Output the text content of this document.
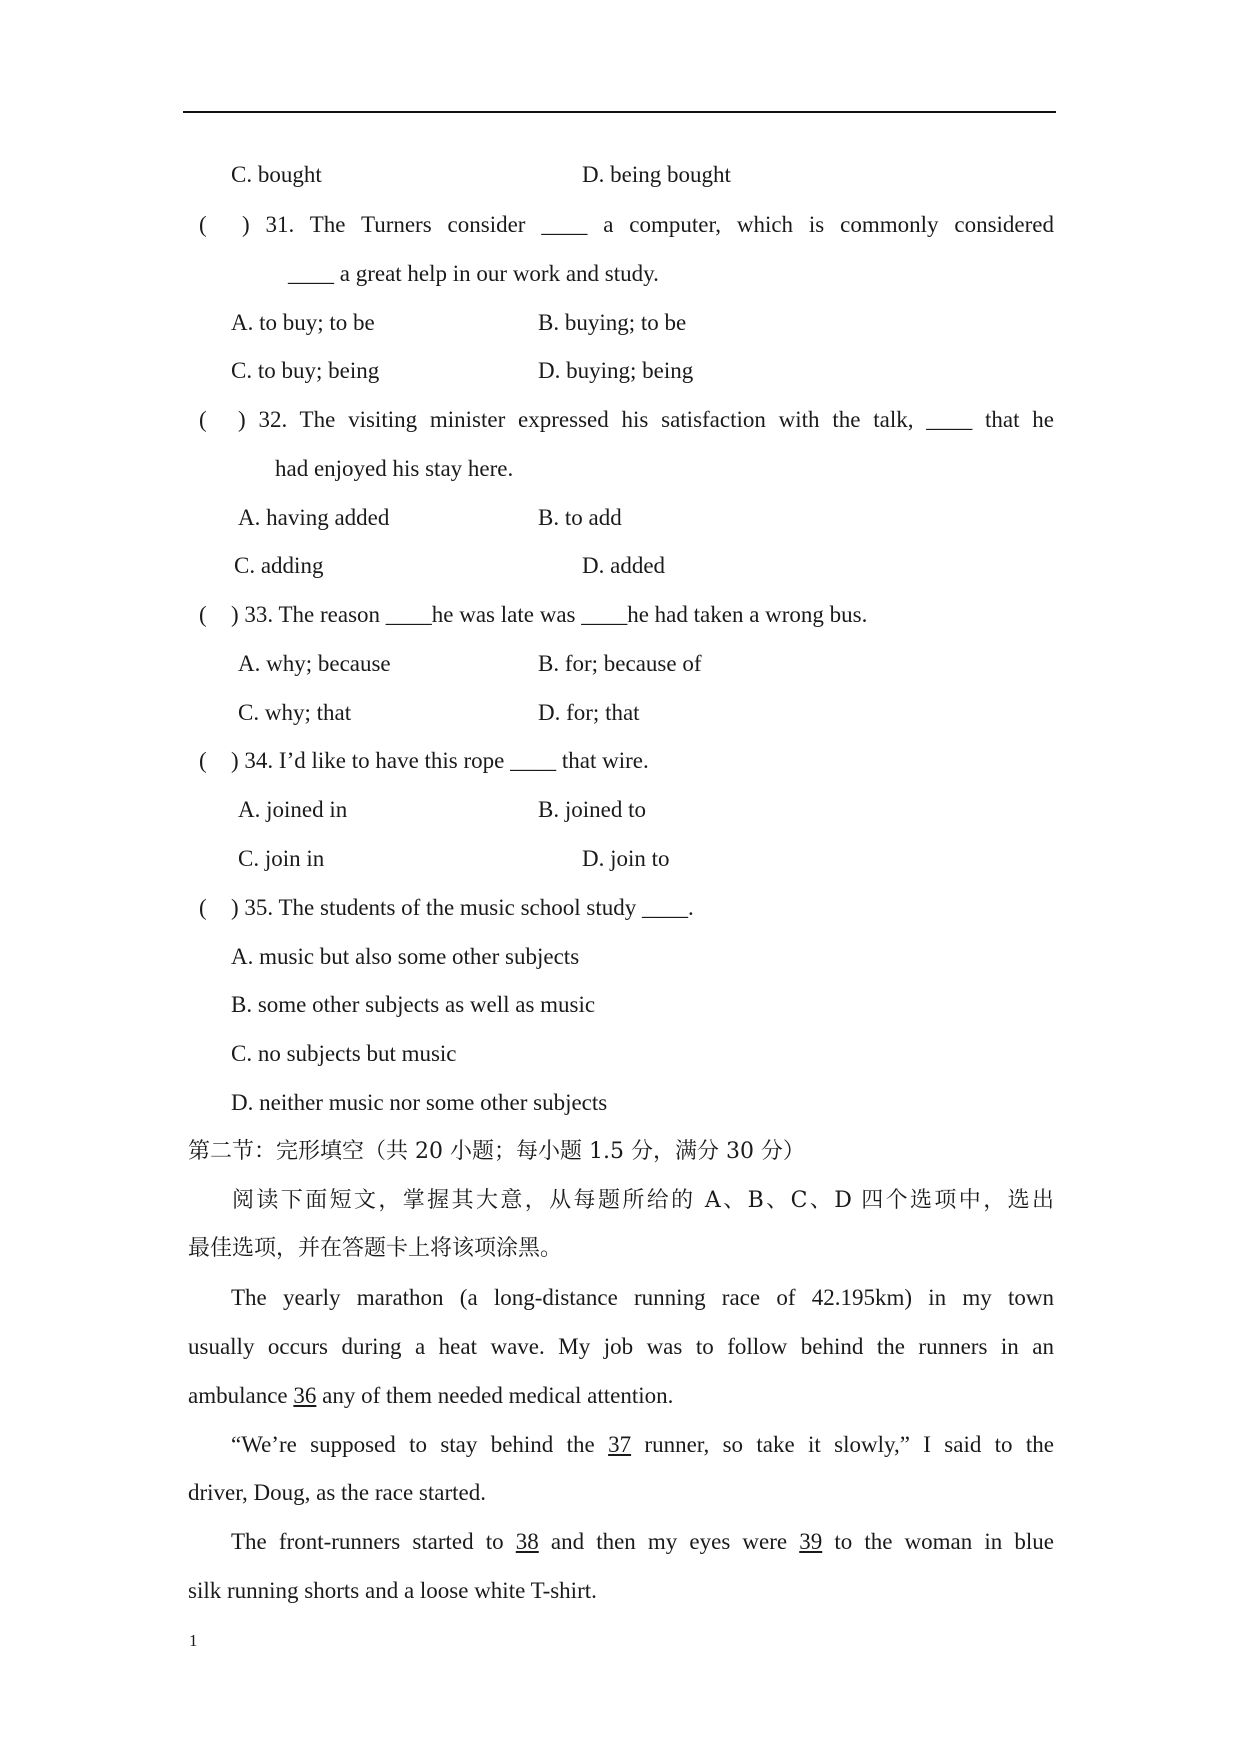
C. bought	D. being bought
( ) 31. The Turners consider ____ a computer, which is commonly considered
____ a great help in our work and study.
A. to buy; to be	B. buying; to be
C. to buy; being	D. buying; being
( ) 32. The visiting minister expressed his satisfaction with the talk, ____ that he
had enjoyed his stay here.
A. having added	B. to add
C. adding	D. added
( ) 33. The reason ____he was late was ____he had taken a wrong bus.
A. why; because	B. for; because of
C. why; that	D. for; that
( ) 34. I’d like to have this rope ____ that wire.
A. joined in	B. joined to
C. join in	D. join to
( ) 35. The students of the music school study ____.
A. music but also some other subjects
B. some other subjects as well as music
C. no subjects but music
D. neither music nor some other subjects
第二节：完形填空（共 20 小题；每小题 1.5 分，满分 30 分）
阅读下面短文，掌握其大意，从每题所给的 A、B、C、D 四个选项中，选出
最佳选项，并在答题卡上将该项涂黑。
The yearly marathon (a long-distance running race of 42.195km) in my town
usually occurs during a heat wave. My job was to follow behind the runners in an
ambulance 36 any of them needed medical attention.
“We’re supposed to stay behind the 37 runner, so take it slowly,” I said to the
driver, Doug, as the race started.
The front-runners started to 38 and then my eyes were 39 to the woman in blue
silk running shorts and a loose white T-shirt.
1
